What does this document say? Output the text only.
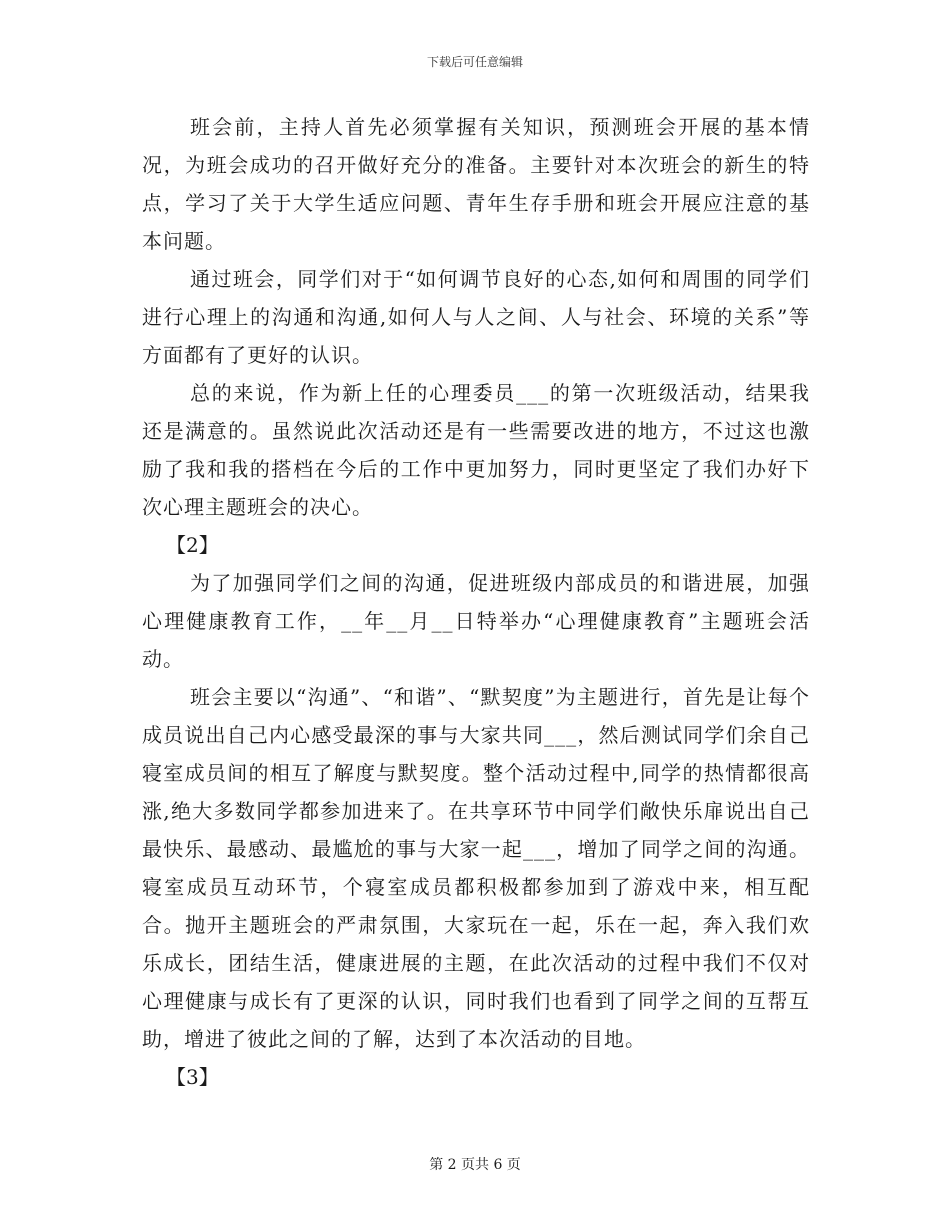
下载后可任意编辑

班会前，主持人首先必须掌握有关知识，预测班会开展的基本情况，为班会成功的召开做好充分的准备。主要针对本次班会的新生的特点，学习了关于大学生适应问题、青年生存手册和班会开展应注意的基本问题。

通过班会，同学们对于“如何调节良好的心态,如何和周围的同学们进行心理上的沟通和沟通,如何人与人之间、人与社会、环境的关系”等方面都有了更好的认识。

总的来说，作为新上任的心理委员___的第一次班级活动，结果我还是满意的。虽然说此次活动还是有一些需要改进的地方，不过这也激励了我和我的搭档在今后的工作中更加努力，同时更坚定了我们办好下次心理主题班会的决心。

【2】

为了加强同学们之间的沟通，促进班级内部成员的和谐进展，加强心理健康教育工作，__年__月__日特举办“心理健康教育”主题班会活动。

班会主要以“沟通”、“和谐”、“默契度”为主题进行，首先是让每个成员说出自己内心感受最深的事与大家共同___，然后测试同学们余自己寝室成员间的相互了解度与默契度。整个活动过程中,同学的热情都很高涨,绝大多数同学都参加进来了。在共享环节中同学们敞快乐扉说出自己最快乐、最感动、最尴尬的事与大家一起___，增加了同学之间的沟通。寝室成员互动环节，个寝室成员都积极都参加到了游戏中来，相互配合。抛开主题班会的严肃氛围，大家玩在一起，乐在一起，奔入我们欢乐成长，团结生活，健康进展的主题，在此次活动的过程中我们不仅对心理健康与成长有了更深的认识，同时我们也看到了同学之间的互帮互助，增进了彼此之间的了解，达到了本次活动的目地。

【3】

第 2 页共 6 页
